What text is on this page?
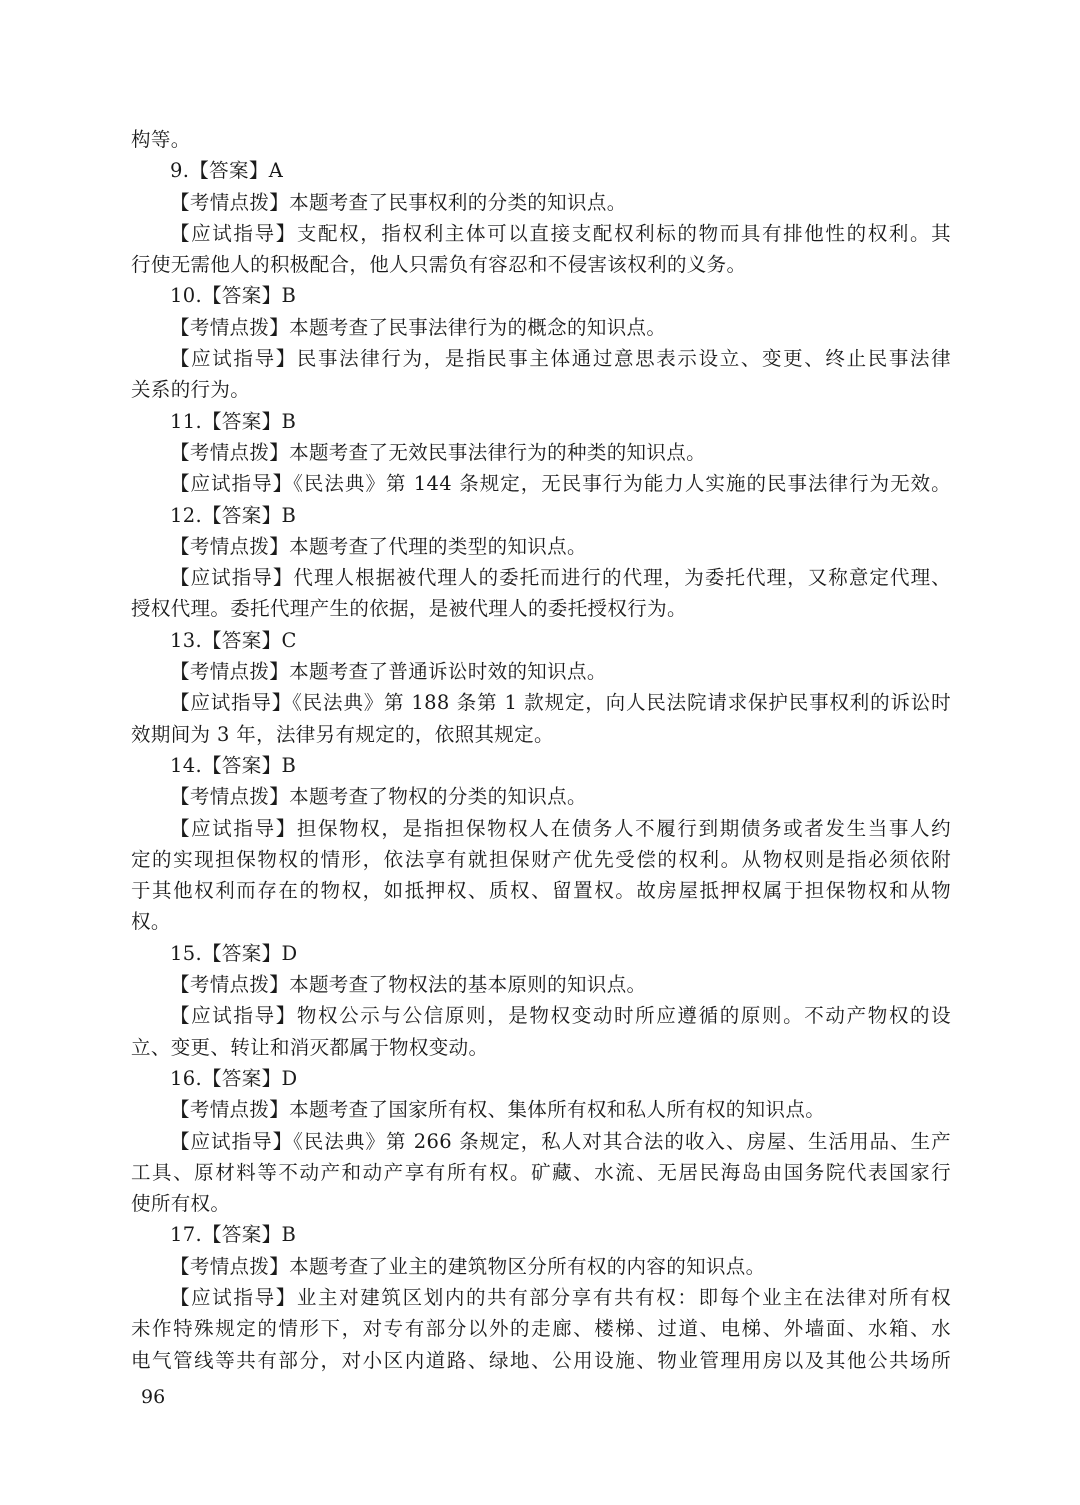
构等。
9.【答案】A
【考情点拨】本题考查了民事权利的分类的知识点。
【应试指导】支配权，指权利主体可以直接支配权利标的物而具有排他性的权利。其
行使无需他人的积极配合，他人只需负有容忍和不侵害该权利的义务。
10.【答案】B
【考情点拨】本题考查了民事法律行为的概念的知识点。
【应试指导】民事法律行为，是指民事主体通过意思表示设立、变更、终止民事法律
关系的行为。
11.【答案】B
【考情点拨】本题考查了无效民事法律行为的种类的知识点。
【应试指导】《民法典》第 144 条规定，无民事行为能力人实施的民事法律行为无效。
12.【答案】B
【考情点拨】本题考查了代理的类型的知识点。
【应试指导】代理人根据被代理人的委托而进行的代理，为委托代理，又称意定代理、
授权代理。委托代理产生的依据，是被代理人的委托授权行为。
13.【答案】C
【考情点拨】本题考查了普通诉讼时效的知识点。
【应试指导】《民法典》第 188 条第 1 款规定，向人民法院请求保护民事权利的诉讼时
效期间为 3 年，法律另有规定的，依照其规定。
14.【答案】B
【考情点拨】本题考查了物权的分类的知识点。
【应试指导】担保物权，是指担保物权人在债务人不履行到期债务或者发生当事人约
定的实现担保物权的情形，依法享有就担保财产优先受偿的权利。从物权则是指必须依附
于其他权利而存在的物权，如抵押权、质权、留置权。故房屋抵押权属于担保物权和从物
权。
15.【答案】D
【考情点拨】本题考查了物权法的基本原则的知识点。
【应试指导】物权公示与公信原则，是物权变动时所应遵循的原则。不动产物权的设
立、变更、转让和消灭都属于物权变动。
16.【答案】D
【考情点拨】本题考查了国家所有权、集体所有权和私人所有权的知识点。
【应试指导】《民法典》第 266 条规定，私人对其合法的收入、房屋、生活用品、生产
工具、原材料等不动产和动产享有所有权。矿藏、水流、无居民海岛由国务院代表国家行
使所有权。
17.【答案】B
【考情点拨】本题考查了业主的建筑物区分所有权的内容的知识点。
【应试指导】业主对建筑区划内的共有部分享有共有权：即每个业主在法律对所有权
未作特殊规定的情形下，对专有部分以外的走廊、楼梯、过道、电梯、外墙面、水箱、水
电气管线等共有部分，对小区内道路、绿地、公用设施、物业管理用房以及其他公共场所
96
